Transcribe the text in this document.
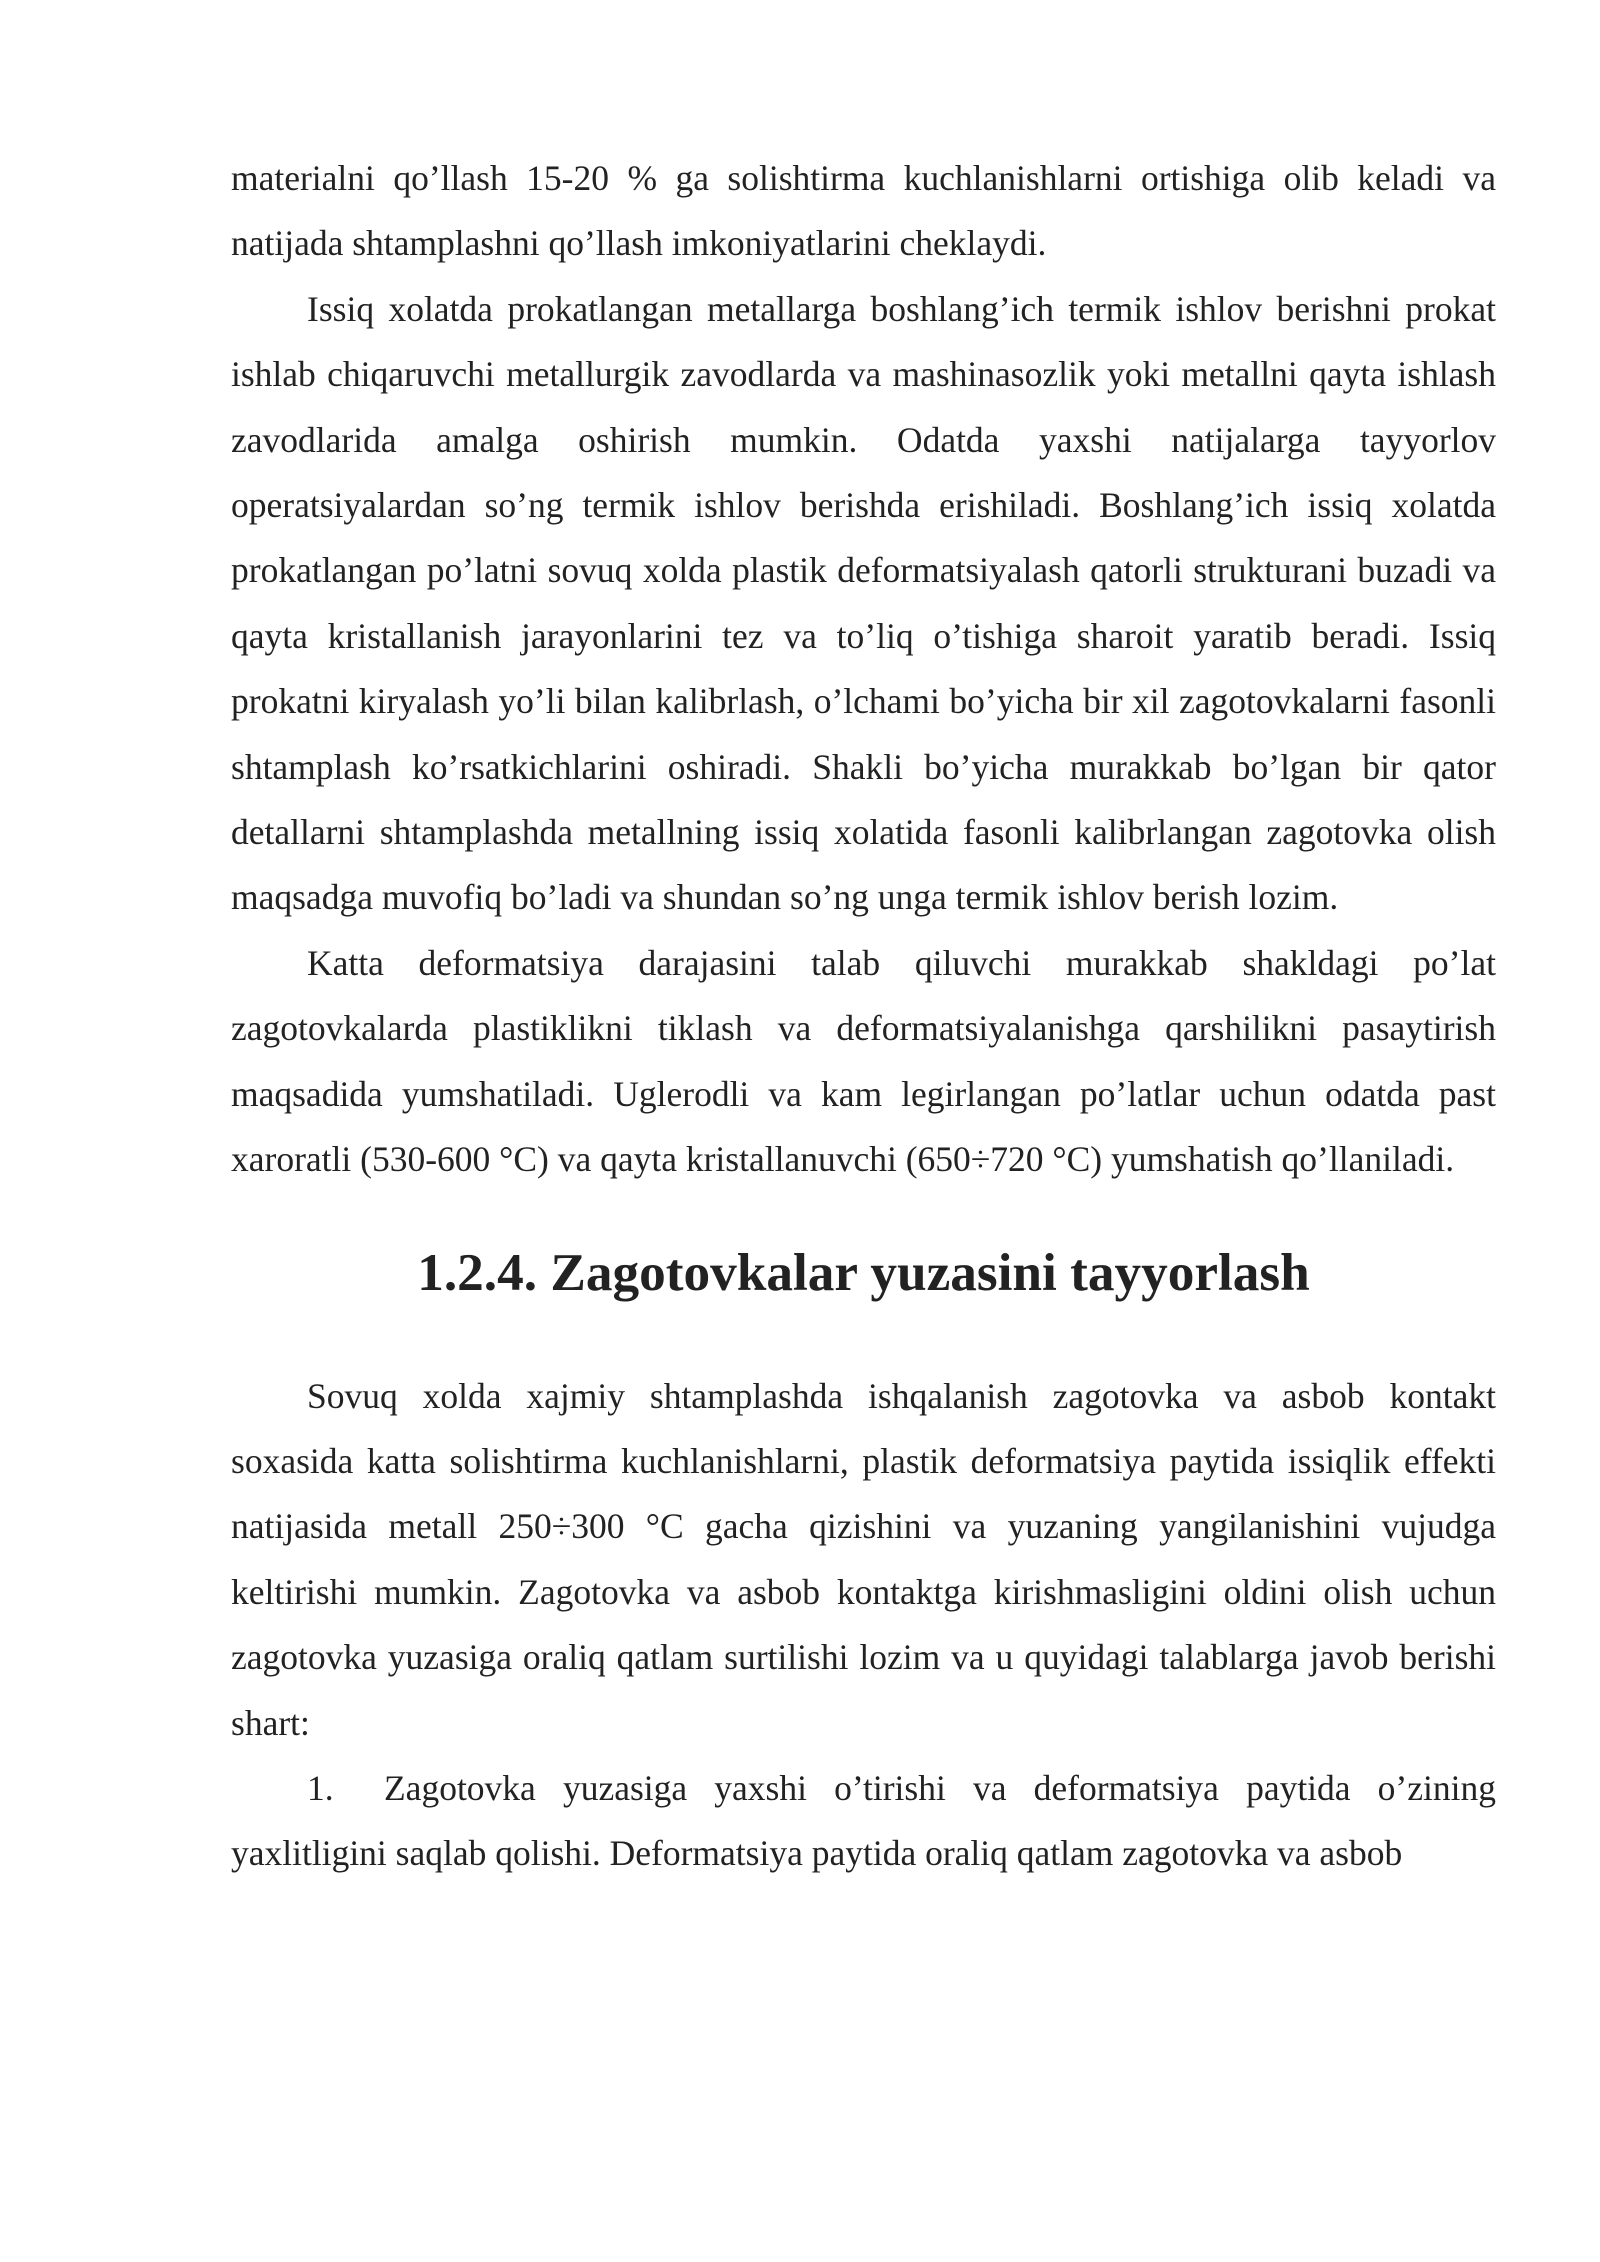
materialni qo’llash 15-20 % ga solishtirma kuchlanishlarni ortishiga olib keladi va natijada shtamplashni qo’llash imkoniyatlarini cheklaydi.

Issiq xolatda prokatlangan metallarga boshlang’ich termik ishlov berishni prokat ishlab chiqaruvchi metallurgik zavodlarda va mashinasozlik yoki metallni qayta ishlash zavodlarida amalga oshirish mumkin. Odatda yaxshi natijalarga tayyorlov operatsiyalardan so’ng termik ishlov berishda erishiladi. Boshlang’ich issiq xolatda prokatlangan po’latni sovuq xolda plastik deformatsiyalash qatorli strukturani buzadi va qayta kristallanish jarayonlarini tez va to’liq o’tishiga sharoit yaratib beradi. Issiq prokatni kiryalash yo’li bilan kalibrlash, o’lchami bo’yicha bir xil zagotovkalarni fasonli shtamplash ko’rsatkichlarini oshiradi. Shakli bo’yicha murakkab bo’lgan bir qator detallarni shtamplashda metallning issiq xolatida fasonli kalibrlangan zagotovka olish maqsadga muvofiq bo’ladi va shundan so’ng unga termik ishlov berish lozim.

Katta deformatsiya darajasini talab qiluvchi murakkab shakldagi po’lat zagotovkalarda plastiklikni tiklash va deformatsiyalanishga qarshilikni pasaytirish maqsadida yumshatiladi. Uglerodli va kam legirlangan po’latlar uchun odatda past xaroratli (530-600 °C) va qayta kristallanuvchi (650÷720 °C) yumshatish qo’llaniladi.

1.2.4. Zagotovkalar yuzasini tayyorlash

Sovuq xolda xajmiy shtamplashda ishqalanish zagotovka va asbob kontakt soxasida katta solishtirma kuchlanishlarni, plastik deformatsiya paytida issiqlik effekti natijasida metall 250÷300 °C gacha qizishini va yuzaning yangilanishini vujudga keltirishi mumkin. Zagotovka va asbob kontaktga kirishmasligini oldini olish uchun zagotovka yuzasiga oraliq qatlam surtilishi lozim va u quyidagi talablarga javob berishi shart:

1. Zagotovka yuzasiga yaxshi o’tirishi va deformatsiya paytida o’zining yaxlitligini saqlab qolishi. Deformatsiya paytida oraliq qatlam zagotovka va asbob
